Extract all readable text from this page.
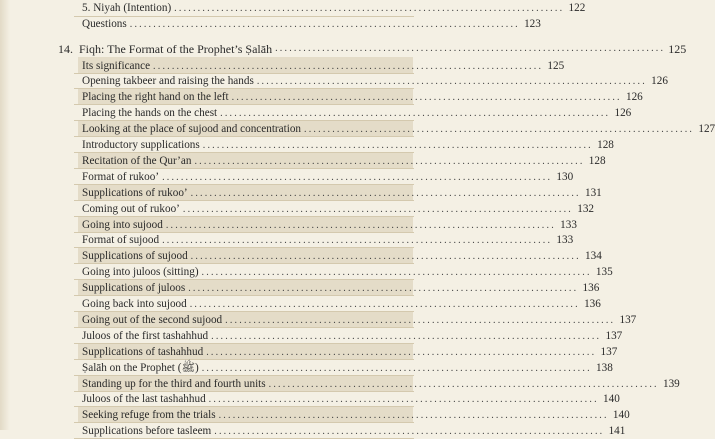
5. Niyah (Intention) ................................................................................... 122
Questions ................................................................................... 123
14. Fiqh: The Format of the Prophet’s Ṣalāh ................................................................................... 125
Its significance ................................................................................... 125
Opening takbeer and raising the hands ................................................................................... 126
Placing the right hand on the left ................................................................................... 126
Placing the hands on the chest ................................................................................... 126
Looking at the place of sujood and concentration ................................................................................... 127
Introductory supplications ................................................................................... 128
Recitation of the Qur’an ................................................................................... 128
Format of rukoo’ ................................................................................... 130
Supplications of rukoo’ ................................................................................... 131
Coming out of rukoo’ ................................................................................... 132
Going into sujood ................................................................................... 133
Format of sujood ................................................................................... 133
Supplications of sujood ................................................................................... 134
Going into juloos (sitting) ................................................................................... 135
Supplications of juloos ................................................................................... 136
Going back into sujood ................................................................................... 136
Going out of the second sujood ................................................................................... 137
Juloos of the first tashahhud ................................................................................... 137
Supplications of tashahhud ................................................................................... 137
Ṣalāh on the Prophet (ﷺ) ................................................................................... 138
Standing up for the third and fourth units ................................................................................... 139
Juloos of the last tashahhud ................................................................................... 140
Seeking refuge from the trials ................................................................................... 140
Supplications before tasleem ................................................................................... 141
